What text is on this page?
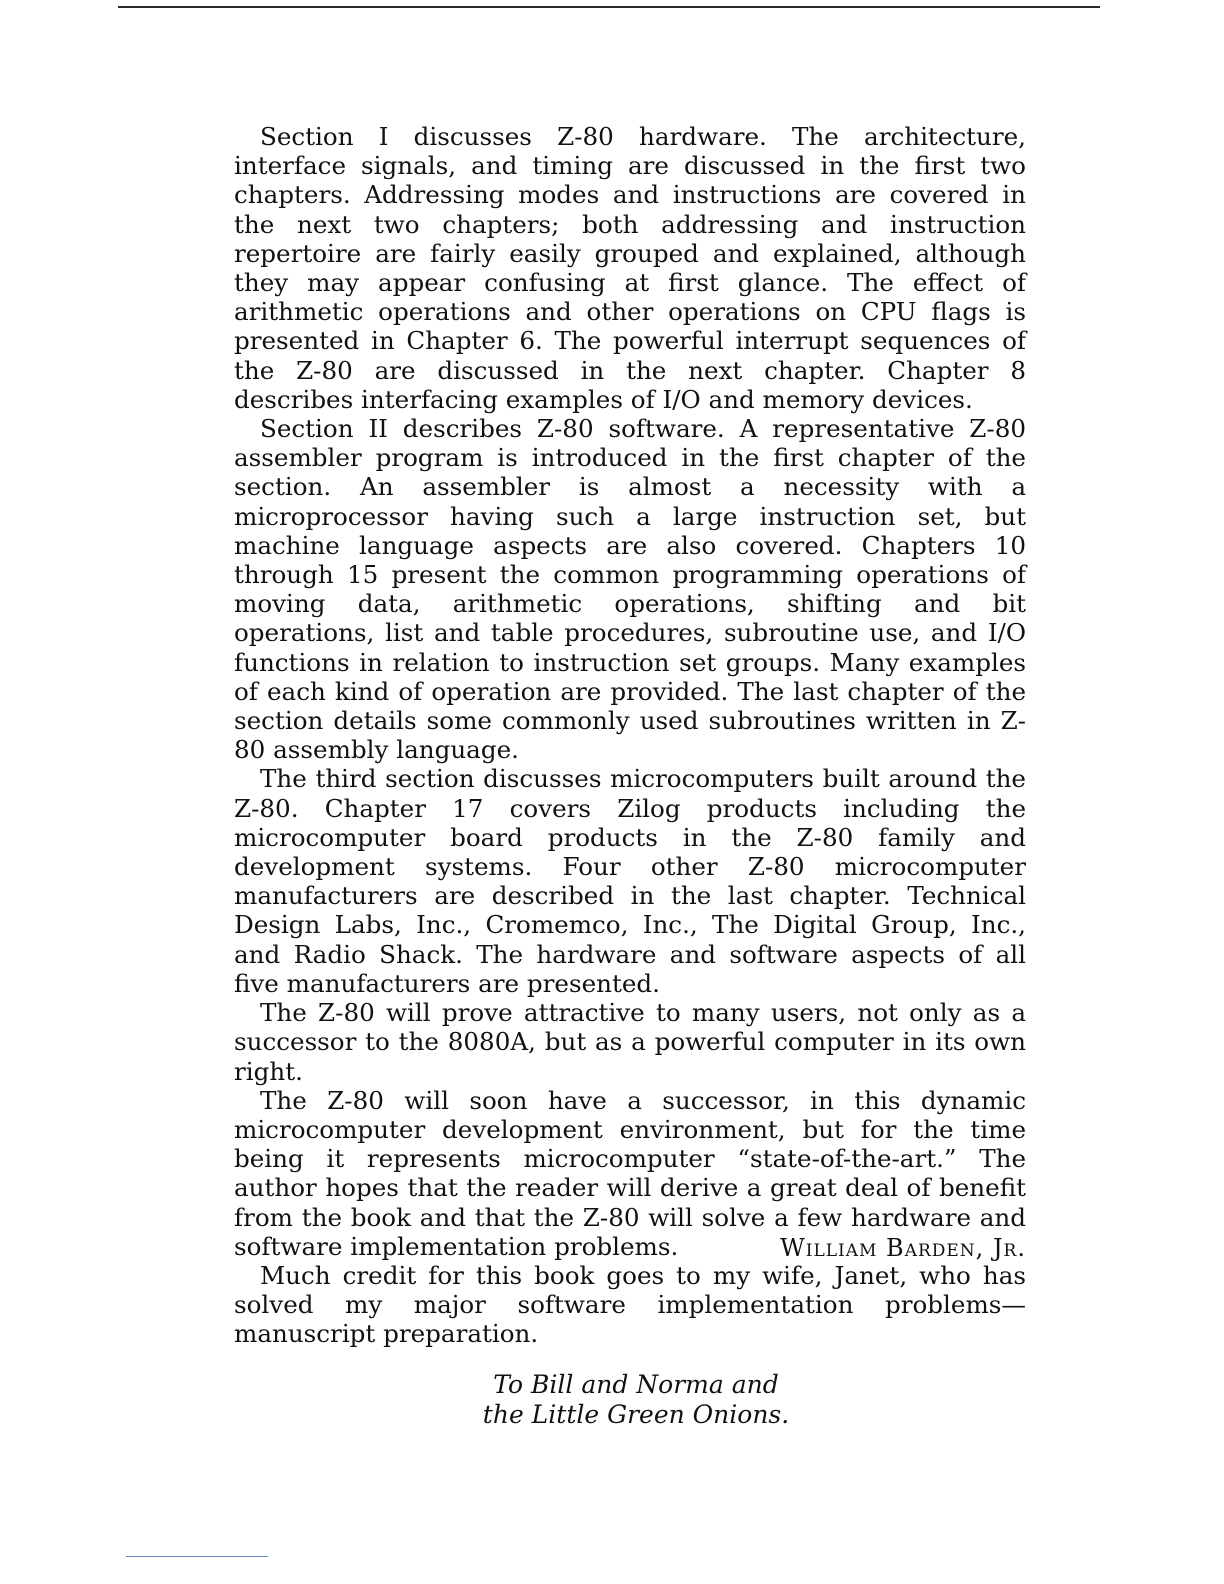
Section I discusses Z-80 hardware. The architecture, interface signals, and timing are discussed in the first two chapters. Addressing modes and instructions are covered in the next two chapters; both addressing and instruction repertoire are fairly easily grouped and explained, although they may appear confusing at first glance. The effect of arithmetic operations and other operations on CPU flags is presented in Chapter 6. The powerful interrupt sequences of the Z-80 are discussed in the next chapter. Chapter 8 describes interfacing examples of I/O and memory devices.

Section II describes Z-80 software. A representative Z-80 assembler program is introduced in the first chapter of the section. An assembler is almost a necessity with a microprocessor having such a large instruction set, but machine language aspects are also covered. Chapters 10 through 15 present the common programming operations of moving data, arithmetic operations, shifting and bit operations, list and table procedures, subroutine use, and I/O functions in relation to instruction set groups. Many examples of each kind of operation are provided. The last chapter of the section details some commonly used subroutines written in Z-80 assembly language.

The third section discusses microcomputers built around the Z-80. Chapter 17 covers Zilog products including the microcomputer board products in the Z-80 family and development systems. Four other Z-80 microcomputer manufacturers are described in the last chapter. Technical Design Labs, Inc., Cromemco, Inc., The Digital Group, Inc., and Radio Shack. The hardware and software aspects of all five manufacturers are presented.

The Z-80 will prove attractive to many users, not only as a successor to the 8080A, but as a powerful computer in its own right.

The Z-80 will soon have a successor, in this dynamic microcomputer development environment, but for the time being it represents microcomputer “state-of-the-art.” The author hopes that the reader will derive a great deal of benefit from the book and that the Z-80 will solve a few hardware and software implementation problems.

Much credit for this book goes to my wife, Janet, who has solved my major software implementation problems—manuscript preparation.

William Barden, Jr.
To Bill and Norma and
the Little Green Onions.
